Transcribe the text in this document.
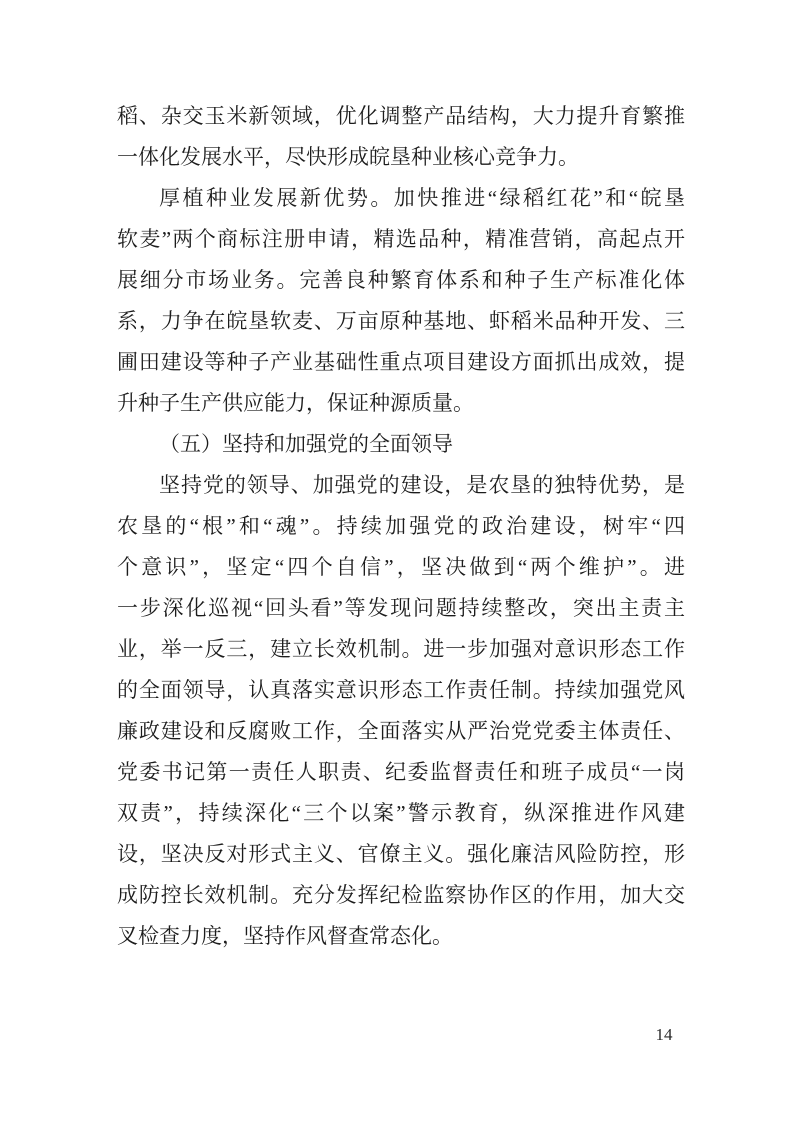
稻、杂交玉米新领域，优化调整产品结构，大力提升育繁推
一体化发展水平，尽快形成皖垦种业核心竞争力。
厚植种业发展新优势。加快推进“绿稻红花”和“皖垦
软麦”两个商标注册申请，精选品种，精准营销，高起点开
展细分市场业务。完善良种繁育体系和种子生产标准化体
系，力争在皖垦软麦、万亩原种基地、虾稻米品种开发、三
圃田建设等种子产业基础性重点项目建设方面抓出成效，提
升种子生产供应能力，保证种源质量。
（五）坚持和加强党的全面领导
坚持党的领导、加强党的建设，是农垦的独特优势，是
农垦的“根”和“魂”。持续加强党的政治建设，树牢“四
个意识”，坚定“四个自信”，坚决做到“两个维护”。进
一步深化巡视“回头看”等发现问题持续整改，突出主责主
业，举一反三，建立长效机制。进一步加强对意识形态工作
的全面领导，认真落实意识形态工作责任制。持续加强党风
廉政建设和反腐败工作，全面落实从严治党党委主体责任、
党委书记第一责任人职责、纪委监督责任和班子成员“一岗
双责”，持续深化“三个以案”警示教育，纵深推进作风建
设，坚决反对形式主义、官僚主义。强化廉洁风险防控，形
成防控长效机制。充分发挥纪检监察协作区的作用，加大交
叉检查力度，坚持作风督查常态化。
14
